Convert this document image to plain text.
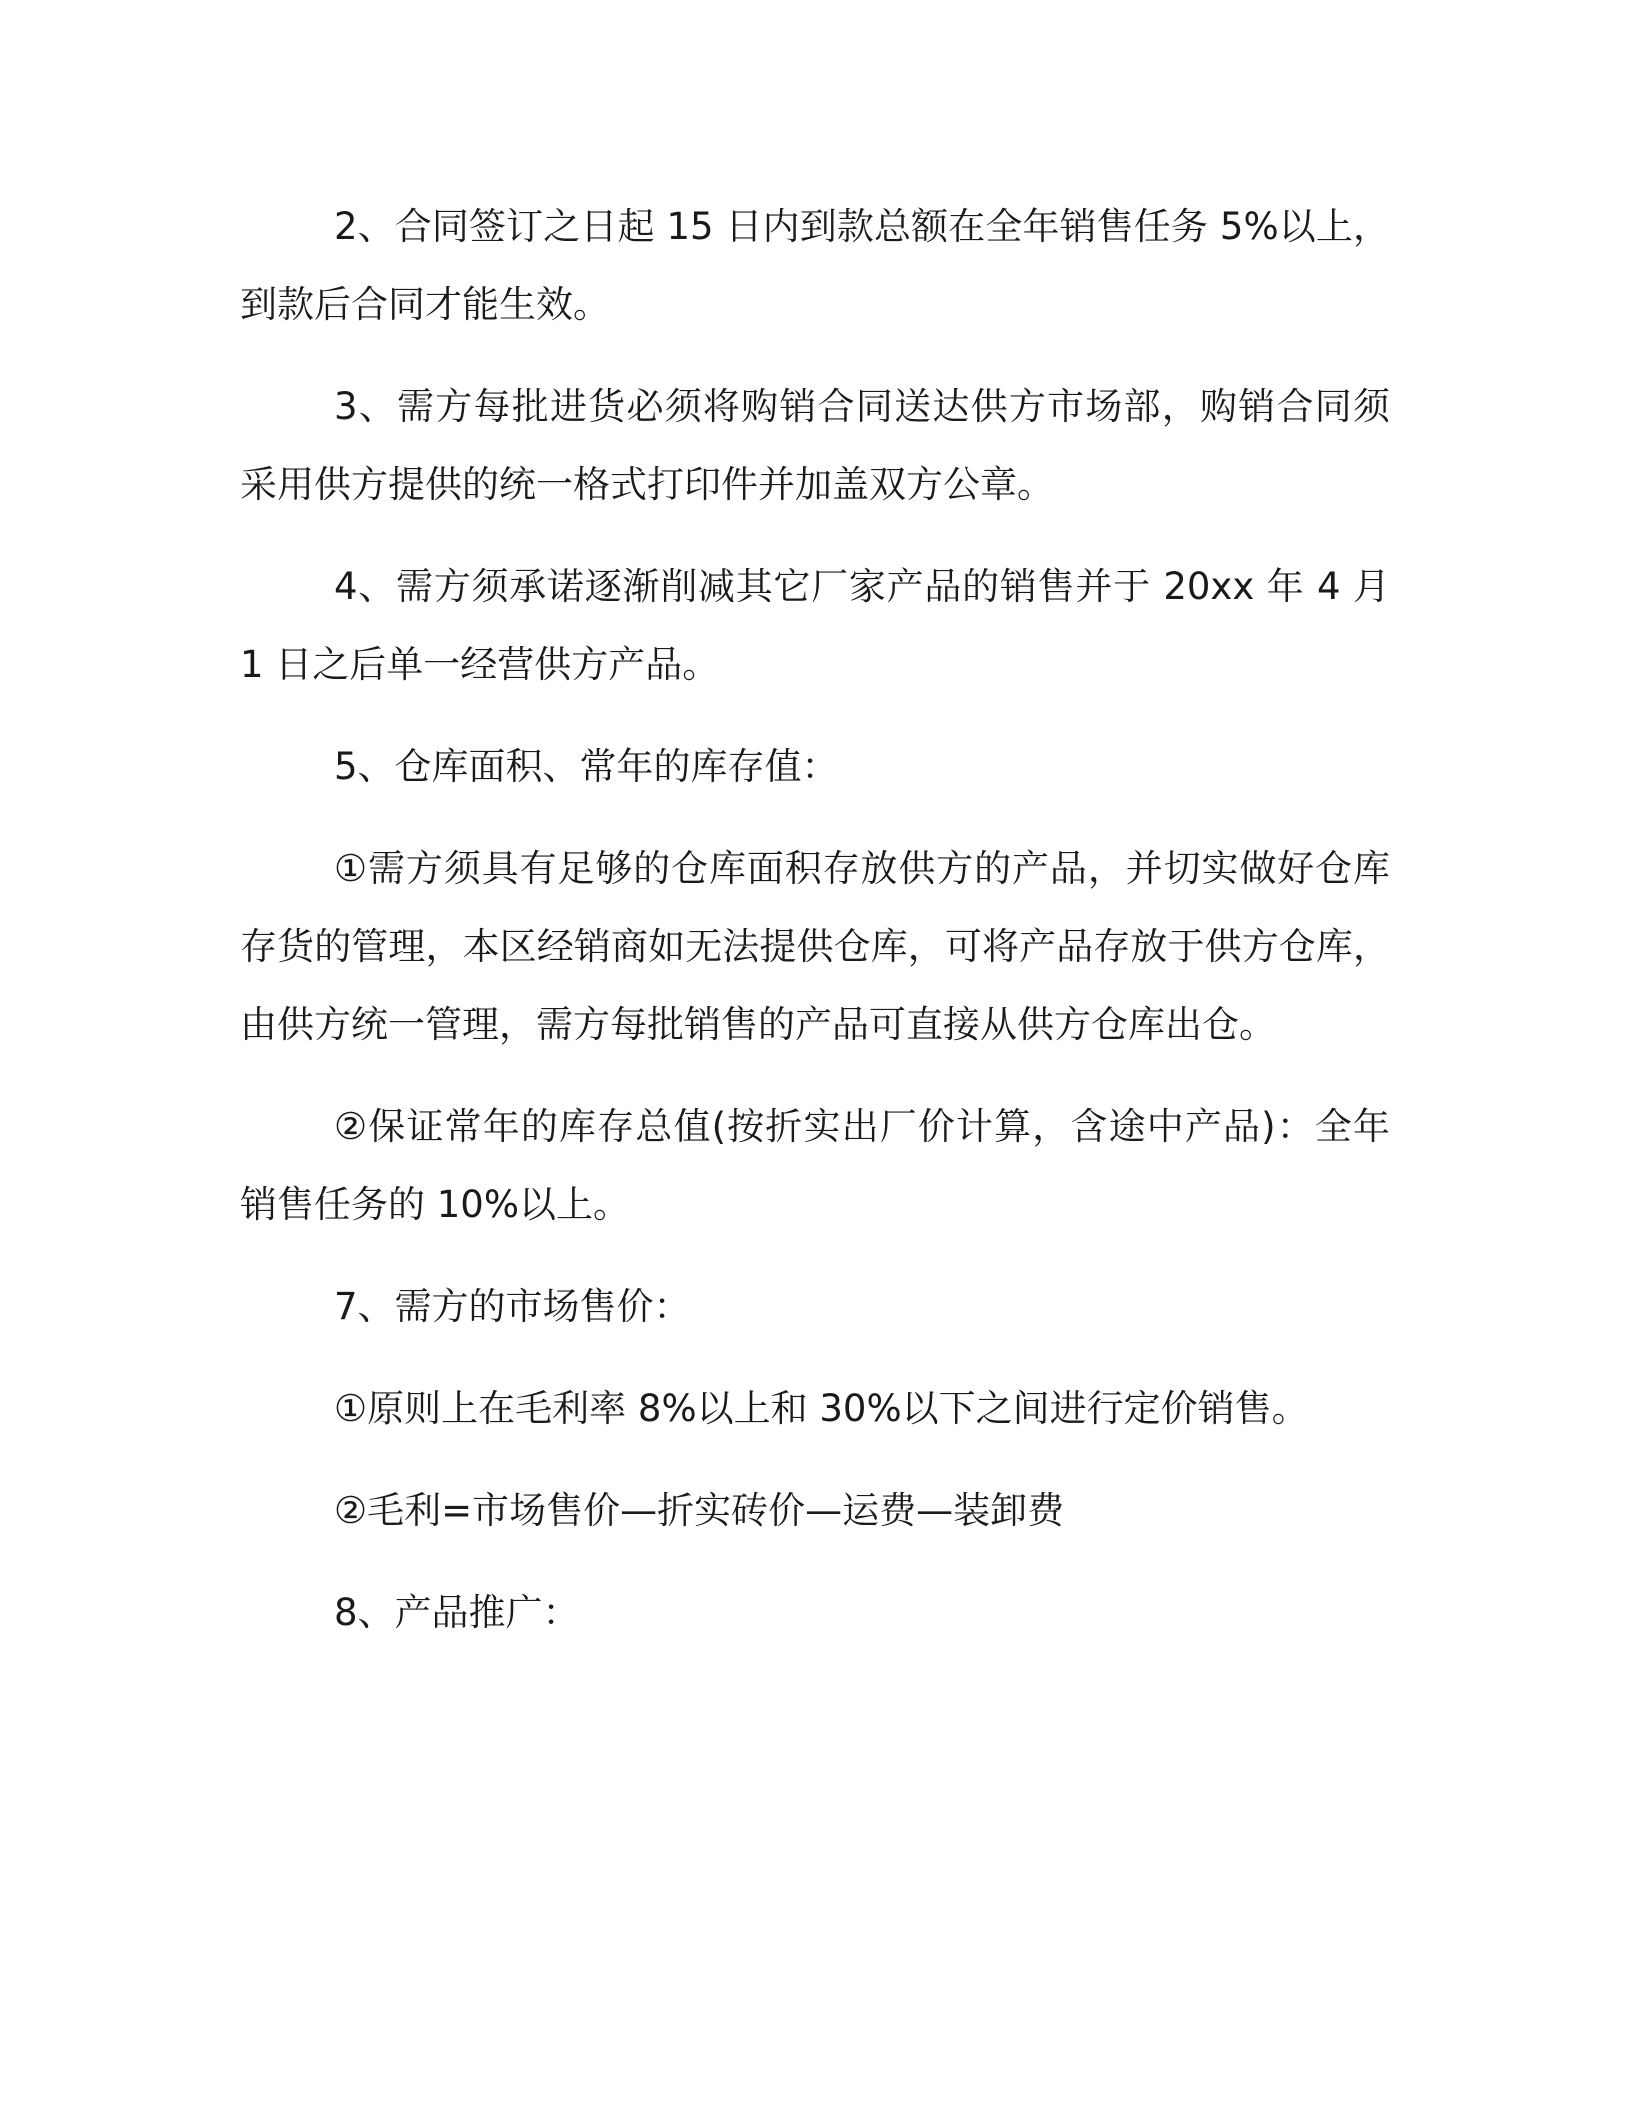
2、合同签订之日起 15 日内到款总额在全年销售任务 5%以上，到款后合同才能生效。

3、需方每批进货必须将购销合同送达供方市场部，购销合同须采用供方提供的统一格式打印件并加盖双方公章。

4、需方须承诺逐渐削减其它厂家产品的销售并于 20xx 年 4 月 1 日之后单一经营供方产品。

5、仓库面积、常年的库存值：

①需方须具有足够的仓库面积存放供方的产品，并切实做好仓库存货的管理，本区经销商如无法提供仓库，可将产品存放于供方仓库，由供方统一管理，需方每批销售的产品可直接从供方仓库出仓。

②保证常年的库存总值(按折实出厂价计算，含途中产品)：全年销售任务的 10%以上。

7、需方的市场售价：

①原则上在毛利率 8%以上和 30%以下之间进行定价销售。

②毛利=市场售价—折实砖价—运费—装卸费

8、产品推广：
